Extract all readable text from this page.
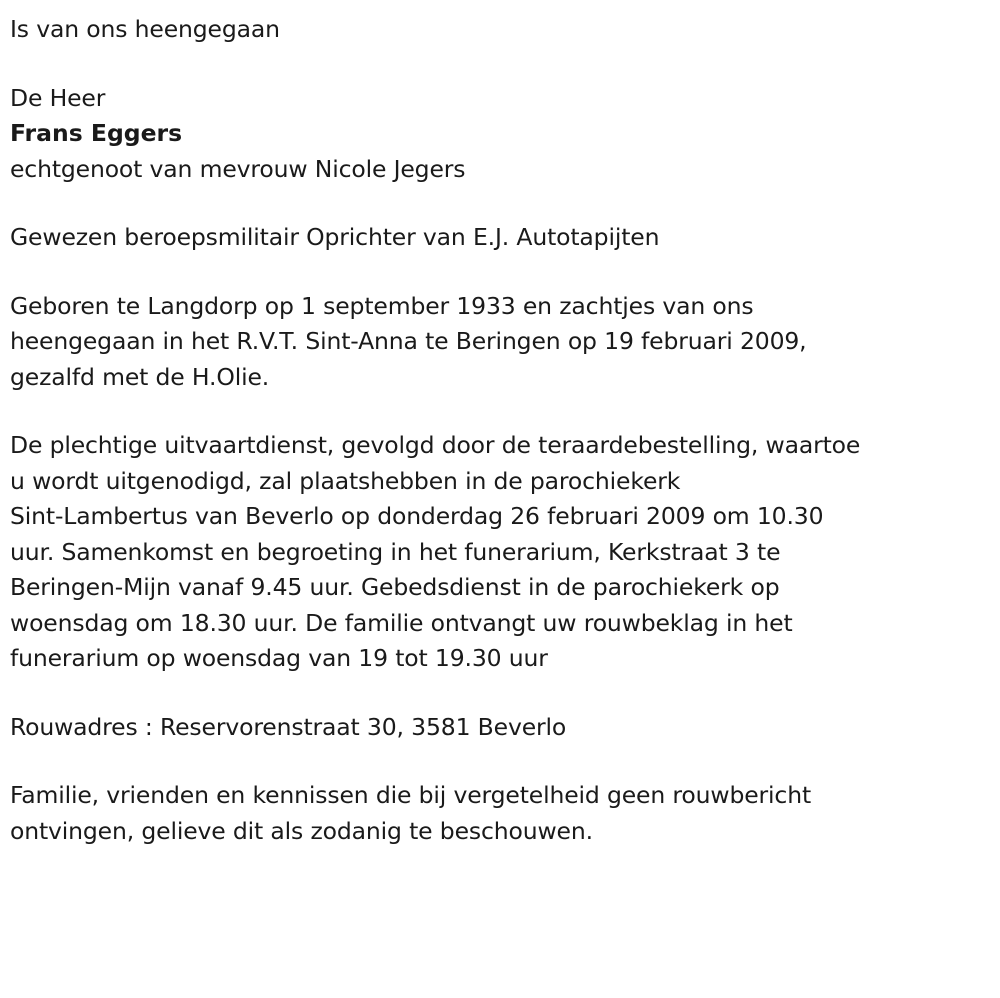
Is van ons heengegaan
De Heer
Frans Eggers
echtgenoot van mevrouw Nicole Jegers
Gewezen beroepsmilitair Oprichter van E.J. Autotapijten
Geboren te Langdorp op 1 september 1933 en zachtjes van ons
heengegaan in het R.V.T. Sint-Anna te Beringen op 19 februari 2009,
gezalfd met de H.Olie.
De plechtige uitvaartdienst, gevolgd door de teraardebestelling, waartoe
u wordt uitgenodigd, zal plaatshebben in de parochiekerk
Sint-Lambertus van Beverlo op donderdag 26 februari 2009 om 10.30
uur. Samenkomst en begroeting in het funerarium, Kerkstraat 3 te
Beringen-Mijn vanaf 9.45 uur. Gebedsdienst in de parochiekerk op
woensdag om 18.30 uur. De familie ontvangt uw rouwbeklag in het
funerarium op woensdag van 19 tot 19.30 uur
Rouwadres : Reservorenstraat 30, 3581 Beverlo
Familie, vrienden en kennissen die bij vergetelheid geen rouwbericht
ontvingen, gelieve dit als zodanig te beschouwen.
